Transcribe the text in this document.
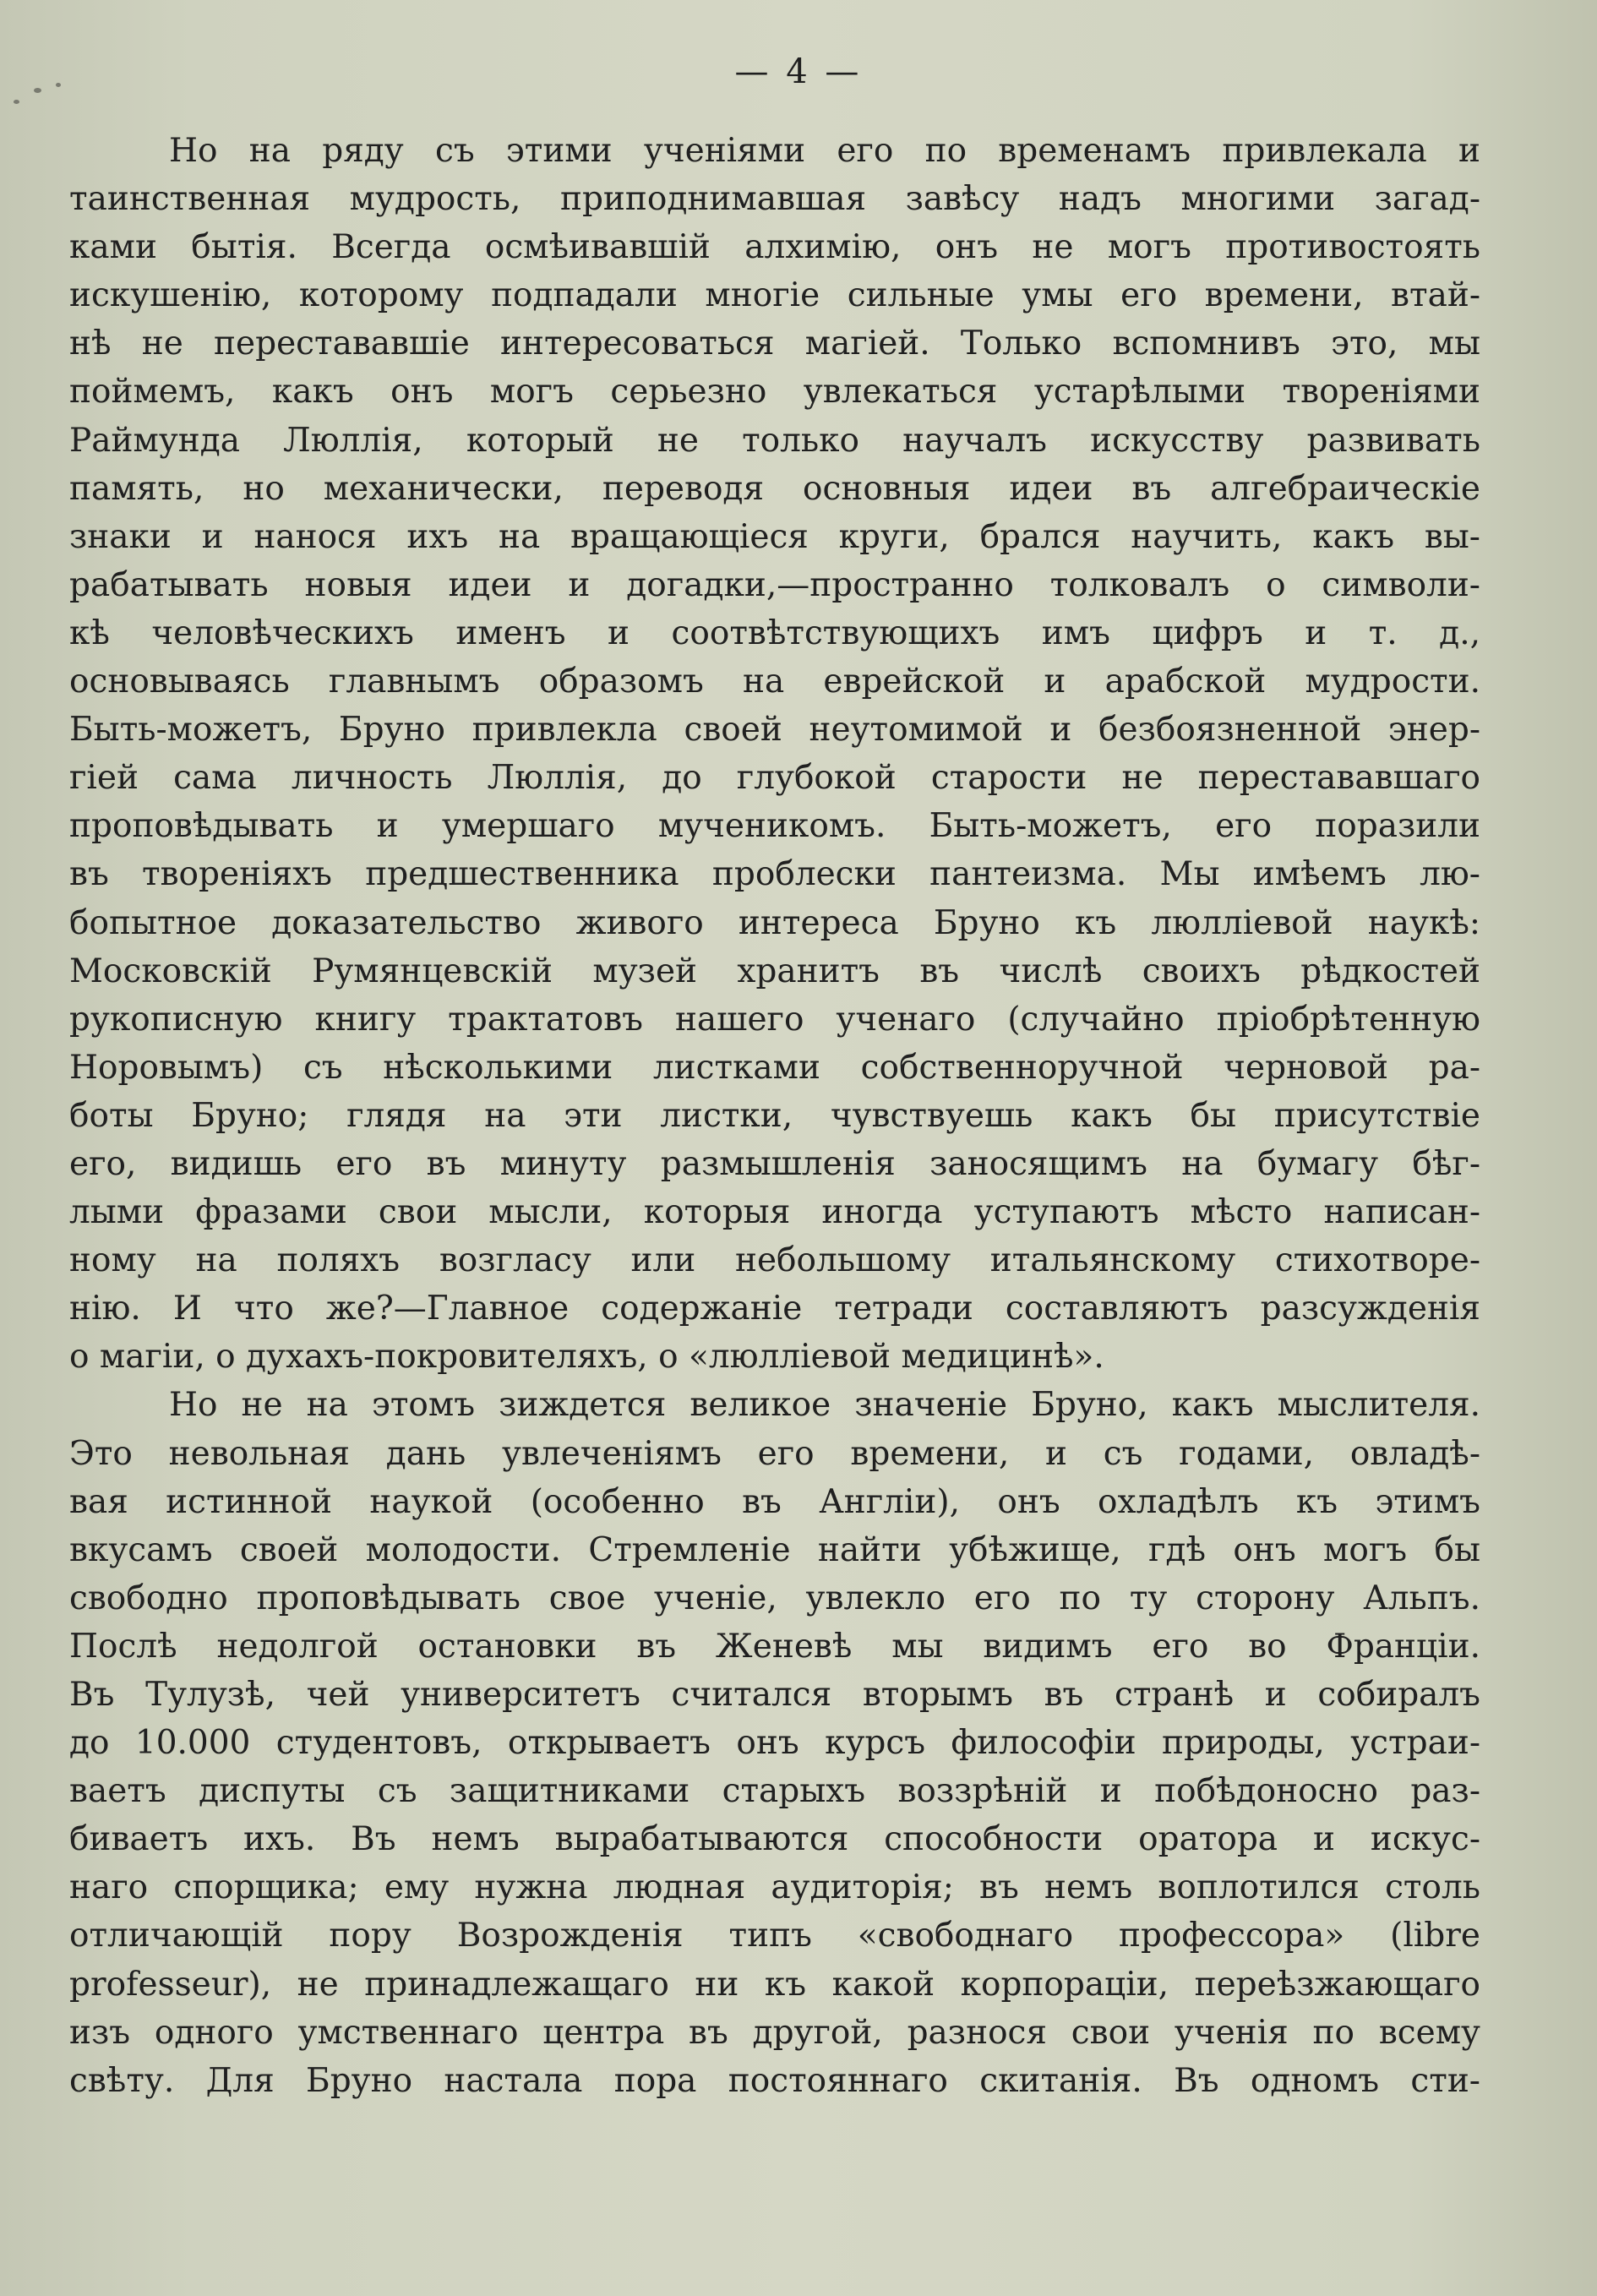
— 4 —
Но на ряду съ этими ученіями его по временамъ привлекала и
таинственная мудрость, приподнимавшая завѣсу надъ многими загад-
ками бытія. Всегда осмѣивавшій алхимію, онъ не могъ противостоять
искушенію, которому подпадали многіе сильные умы его времени, втай-
нѣ не перестававшіе интересоваться магіей. Только вспомнивъ это, мы
поймемъ, какъ онъ могъ серьезно увлекаться устарѣлыми твореніями
Раймунда Люллія, который не только научалъ искусству развивать
память, но механически, переводя основныя идеи въ алгебраическіе
знаки и нанося ихъ на вращающіеся круги, брался научить, какъ вы-
рабатывать новыя идеи и догадки,—пространно толковалъ о символи-
кѣ человѣческихъ именъ и соотвѣтствующихъ имъ цифръ и т. д.,
основываясь главнымъ образомъ на еврейской и арабской мудрости.
Быть-можетъ, Бруно привлекла своей неутомимой и безбоязненной энер-
гіей сама личность Люллія, до глубокой старости не перестававшаго
проповѣдывать и умершаго мученикомъ. Быть-можетъ, его поразили
въ твореніяхъ предшественника проблески пантеизма. Мы имѣемъ лю-
бопытное доказательство живого интереса Бруно къ люлліевой наукѣ:
Московскій Румянцевскій музей хранитъ въ числѣ своихъ рѣдкостей
рукописную книгу трактатовъ нашего ученаго (случайно пріобрѣтенную
Норовымъ) съ нѣсколькими листками собственноручной черновой ра-
боты Бруно; глядя на эти листки, чувствуешь какъ бы присутствіе
его, видишь его въ минуту размышленія заносящимъ на бумагу бѣг-
лыми фразами свои мысли, которыя иногда уступаютъ мѣсто написан-
ному на поляхъ возгласу или небольшому итальянскому стихотворе-
нію. И что же?—Главное содержаніе тетради составляютъ разсужденія
о магіи, о духахъ-покровителяхъ, о «люлліевой медицинѣ».
Но не на этомъ зиждется великое значеніе Бруно, какъ мыслителя.
Это невольная дань увлеченіямъ его времени, и съ годами, овладѣ-
вая истинной наукой (особенно въ Англіи), онъ охладѣлъ къ этимъ
вкусамъ своей молодости. Стремленіе найти убѣжище, гдѣ онъ могъ бы
свободно проповѣдывать свое ученіе, увлекло его по ту сторону Альпъ.
Послѣ недолгой остановки въ Женевѣ мы видимъ его во Франціи.
Въ Тулузѣ, чей университетъ считался вторымъ въ странѣ и собиралъ
до 10.000 студентовъ, открываетъ онъ курсъ философіи природы, устраи-
ваетъ диспуты съ защитниками старыхъ воззрѣній и побѣдоносно раз-
биваетъ ихъ. Въ немъ вырабатываются способности оратора и искус-
наго спорщика; ему нужна людная аудиторія; въ немъ воплотился столь
отличающій пору Возрожденія типъ «свободнаго профессора» (libre
professeur), не принадлежащаго ни къ какой корпораціи, переѣзжающаго
изъ одного умственнаго центра въ другой, разнося свои ученія по всему
свѣту. Для Бруно настала пора постояннаго скитанія. Въ одномъ сти-
